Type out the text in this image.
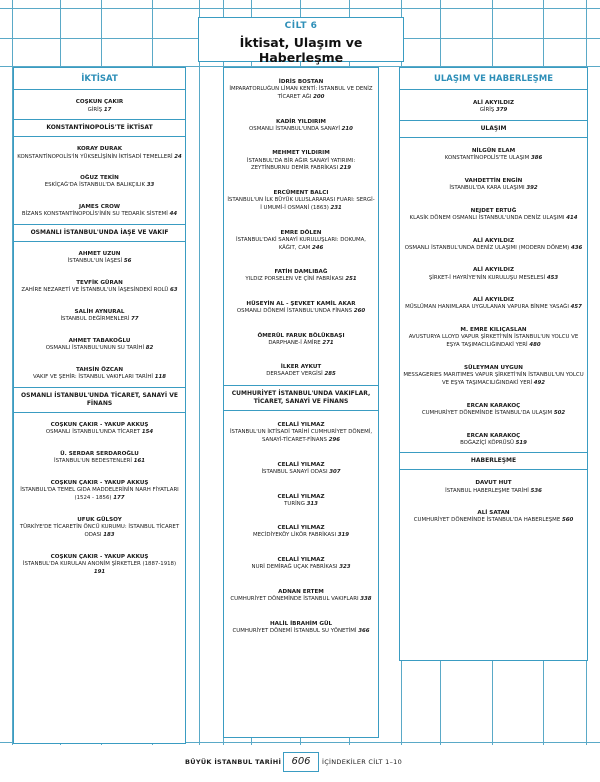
CİLT 6
İktisat, Ulaşım ve Haberleşme
İKTİSAT
COŞKUN ÇAKIR
GİRİŞ 17
KONSTANTİNOPOLİS'TE İKTİSAT
KORAY DURAK
KONSTANTİNOPOLİS'İN YÜKSELİŞİNİN İKTİSADİ TEMELLERİ 24
OĞUZ TEKİN
ESKİÇAĞ'DA İSTANBUL'DA BALIKÇILIK 33
JAMES CROW
BİZANS KONSTANTİNOPOLİS'İNİN SU TEDARİK SİSTEMİ 44
OSMANLI İSTANBUL'UNDA İAŞE VE VAKIF
AHMET UZUN
İSTANBUL'UN İAŞESİ 56
TEVFİK GÜRAN
ZAHİRE NEZARETİ VE İSTANBUL'UN İAŞESİNDEKİ ROLÜ 63
SALİH AYNURAL
İSTANBUL DEĞİRMENLERİ 77
AHMET TABAKOĞLU
OSMANLI İSTANBUL'UNUN SU TARİHİ 82
TAHSİN ÖZCAN
VAKIF VE ŞEHİR: İSTANBUL VAKIFLARI TARİHİ 118
OSMANLI İSTANBUL'UNDA TİCARET, SANAYİ VE FİNANS
COŞKUN ÇAKIR - YAKUP AKKUŞ
OSMANLI İSTANBUL'UNDA TİCARET 154
Ü. SERDAR SERDAROĞLU
İSTANBUL'UN BEDESTENLERİ 161
COŞKUN ÇAKIR - YAKUP AKKUŞ
İSTANBUL'DA TEMEL GIDA MADDELERİNİN NARH FİYATLARI (1524 - 1856) 177
UFUK GÜLSOY
TÜRKİYE'DE TİCARETİN ÖNCÜ KURUMU: İSTANBUL TİCARET ODASI 183
COŞKUN ÇAKIR - YAKUP AKKUŞ
İSTANBUL'DA KURULAN ANONİM ŞİRKETLER (1887-1918) 191
İDRİS BOSTAN
İMPARATORLUĞUN LİMAN KENTİ: İSTANBUL VE DENİZ TİCARET AĞI 200
KADİR YILDIRIM
OSMANLI İSTANBUL'UNDA SANAYİ 210
MEHMET YILDIRIM
İSTANBUL'DA BİR AĞIR SANAYİ YATIRIMI: ZEYTİNBURNU DEMİR FABRİKASI 219
ERCÜMENT BALCI
İSTANBUL'UN İLK BÜYÜK ULUSLARARASI FUARI: SERGİ-İ UMUMİ-İ OSMANİ (1863) 231
EMRE DÖLEN
İSTANBUL'DAKİ SANAYİ KURULUŞLARI: DOKUMA, KÂĞIT, CAM 246
FATİH DAMLIBAĞ
YILDIZ PORSELEN VE ÇİNİ FABRİKASI 251
HÜSEYİN AL - ŞEVKET KAMİL AKAR
OSMANLI DÖNEMİ İSTANBUL'UNDA FİNANS 260
ÖMERÜL FARUK BÖLÜKBAŞI
DARPHANE-İ ÂMİRE 271
İLKER AYKUT
DERSAADET VERGİSİ 285
CUMHURİYET İSTANBUL'UNDA VAKIFLAR, TİCARET, SANAYİ VE FİNANS
CELALİ YILMAZ
İSTANBUL'UN İKTİSADİ TARİHİ CUMHURİYET DÖNEMİ, SANAYİ-TİCARET-FİNANS 296
CELALİ YILMAZ
İSTANBUL SANAYİ ODASI 307
CELALİ YILMAZ
TURİNG 313
CELALİ YILMAZ
MECİDİYEKÖY LİKÖR FABRİKASI 319
CELALİ YILMAZ
NURİ DEMİRAĞ UÇAK FABRİKASI 323
ADNAN ERTEM
CUMHURİYET DÖNEMİNDE İSTANBUL VAKIFLARI 338
HALİL İBRAHİM GÜL
CUMHURİYET DÖNEMİ İSTANBUL SU YÖNETİMİ 366
ULAŞIM VE HABERLEŞME
ALİ AKYILDIZ
GİRİŞ 379
ULAŞIM
NİLGÜN ELAM
KONSTANTİNOPOLİS'TE ULAŞIM 386
VAHDETTİN ENGİN
İSTANBUL'DA KARA ULAŞIMI 392
NEJDET ERTUĞ
KLASİK DÖNEM OSMANLI İSTANBUL'UNDA DENİZ ULAŞIMI 414
ALİ AKYILDIZ
OSMANLI İSTANBUL'UNDA DENİZ ULAŞIMI (MODERN DÖNEM) 436
ALİ AKYILDIZ
ŞİRKET-İ HAYRİYE'NİN KURULUŞU MESELESİ 453
ALİ AKYILDIZ
MÜSLÜMAN HANIMLARA UYGULANAN VAPURA BİNME YASAĞI 457
M. EMRE KILIÇASLAN
AVUSTURYA LLOYD VAPUR ŞİRKETİ'NİN İSTANBUL'UN YOLCU VE EŞYA TAŞIMACILIĞINDAKİ YERİ 480
SÜLEYMAN UYGUN
MESSAGERIES MARITIMES VAPUR ŞİRKETİ'NİN İSTANBUL'UN YOLCU VE EŞYA TAŞIMACILIĞINDAKİ YERİ 492
ERCAN KARAKOÇ
CUMHURİYET DÖNEMİNDE İSTANBUL'DA ULAŞIM 502
ERCAN KARAKOÇ
BOĞAZİÇİ KÖPRÜSÜ 519
HABERLEŞME
DAVUT HUT
İSTANBUL HABERLEŞME TARİHİ 536
ALİ SATAN
CUMHURİYET DÖNEMİNDE İSTANBUL'DA HABERLEŞME 560
BÜYÜK İSTANBUL TARİHİ	606	İÇİNDEKİLER CİLT 1–10
